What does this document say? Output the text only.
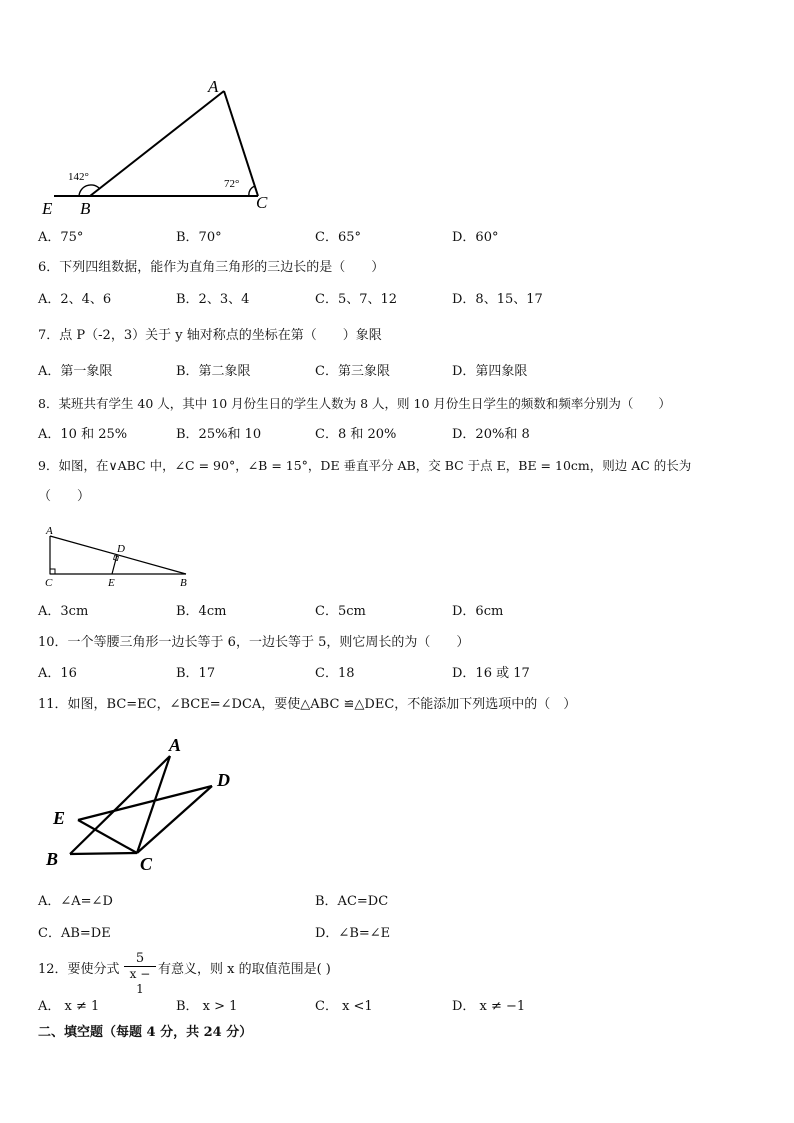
A
B	C
E
142°
72°
A．75°	B．70°	C．65°	D．60°
6．下列四组数据，能作为直角三角形的三边长的是（　　）
A．2、4、6	B．2、3、4	C．5、7、12	D．8、15、17
7．点 P（-2，3）关于 y 轴对称点的坐标在第（　　）象限
A．第一象限	B．第二象限	C．第三象限	D．第四象限
8．某班共有学生 40 人，其中 10 月份生日的学生人数为 8 人，则 10 月份生日学生的频数和频率分别为（　　）
A．10 和 25%	B．25%和 10	C．8 和 20%	D．20%和 8
9．如图，在∨ABC 中，∠C = 90°，∠B = 15°，DE 垂直平分 AB，交 BC 于点 E，BE = 10cm，则边 AC 的长为
（　　）
A
C
D
E	B
A．3cm	B．4cm	C．5cm	D．6cm
10．一个等腰三角形一边长等于 6，一边长等于 5，则它周长的为（　　）
A．16	B．17	C．18	D．16 或 17
11．如图，BC=EC，∠BCE=∠DCA，要使△ABC ≌△DEC，不能添加下列选项中的（　）
A
D
E
B	C
A．∠A=∠D	B．AC=DC
C．AB=DE	D．∠B=∠E
12．要使分式 $\frac{5}{x - 1}$ 有意义，则 x 的取值范围是( )
A． x ≠ 1	B． x > 1	C． x <1	D． x ≠ −1
二、填空题（每题 4 分，共 24 分）
